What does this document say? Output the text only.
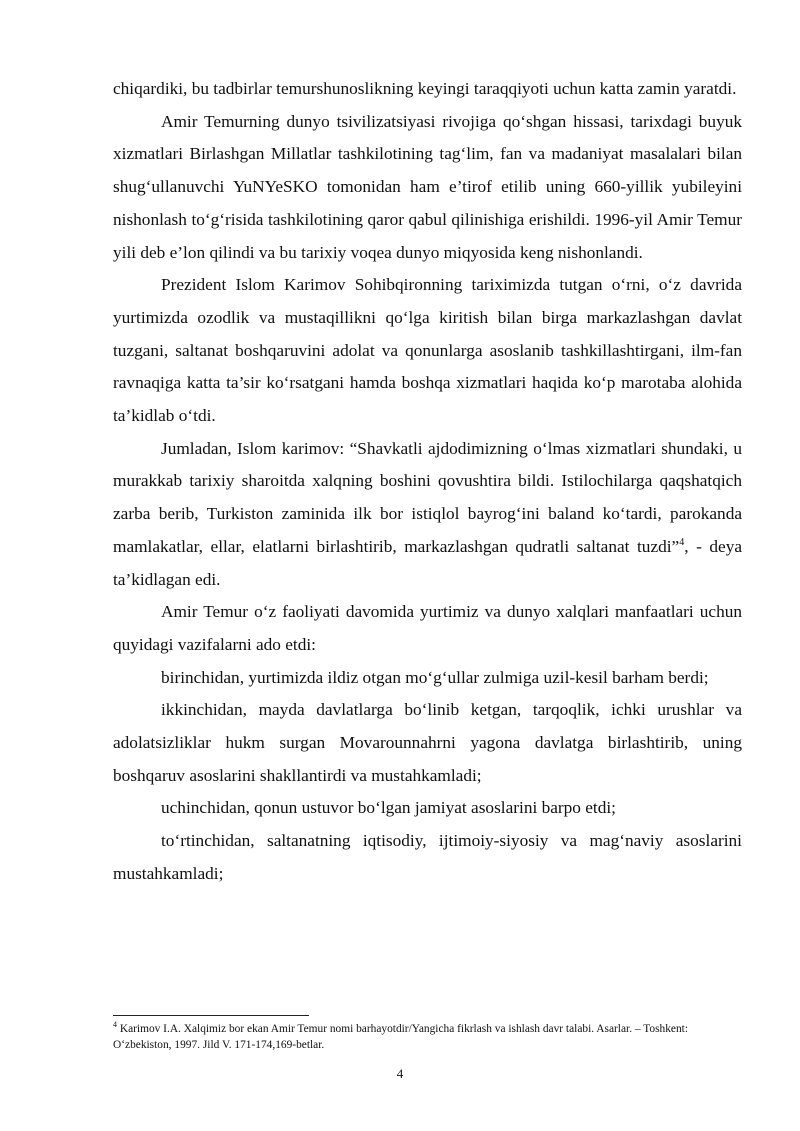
chiqardiki, bu tadbirlar temurshunoslikning keyingi taraqqiyoti uchun katta zamin yaratdi.

Amir Temurning dunyo tsivilizatsiyasi rivojiga qo‘shgan hissasi, tarixdagi buyuk xizmatlari Birlashgan Millatlar tashkilotining tag‘lim, fan va madaniyat masalalari bilan shug‘ullanuvchi YuNYeSKO tomonidan ham e’tirof etilib uning 660-yillik yubileyini nishonlash to‘g‘risida tashkilotining qaror qabul qilinishiga erishildi. 1996-yil Amir Temur yili deb e’lon qilindi va bu tarixiy voqea dunyo miqyosida keng nishonlandi.

Prezident Islom Karimov Sohibqironning tariximizda tutgan o‘rni, o‘z davrida yurtimizda ozodlik va mustaqillikni qo‘lga kiritish bilan birga markazlashgan davlat tuzgani, saltanat boshqaruvini adolat va qonunlarga asoslanib tashkillashtirgani, ilm-fan ravnaqiga katta ta’sir ko‘rsatgani hamda boshqa xizmatlari haqida ko‘p marotaba alohida ta’kidlab o‘tdi.

Jumladan, Islom karimov: “Shavkatli ajdodimizning o‘lmas xizmatlari shundaki, u murakkab tarixiy sharoitda xalqning boshini qovushtira bildi. Istilochilarga qaqshatqich zarba berib, Turkiston zaminida ilk bor istiqlol bayrog‘ini baland ko‘tardi, parokanda mamlakatlar, ellar, elatlarni birlashtirib, markazlashgan qudratli saltanat tuzdi”$^4$, - deya ta’kidlagan edi.

Amir Temur o‘z faoliyati davomida yurtimiz va dunyo xalqlari manfaatlari uchun quyidagi vazifalarni ado etdi:

birinchidan, yurtimizda ildiz otgan mo‘g‘ullar zulmiga uzil-kesil barham berdi;

ikkinchidan, mayda davlatlarga bo‘linib ketgan, tarqoqlik, ichki urushlar va adolatsizliklar hukm surgan Movarounnahrni yagona davlatga birlashtirib, uning boshqaruv asoslarini shakllantirdi va mustahkamladi;

uchinchidan, qonun ustuvor bo‘lgan jamiyat asoslarini barpo etdi;

to‘rtinchidan, saltanatning iqtisodiy, ijtimoiy-siyosiy va mag‘naviy asoslarini mustahkamladi;

$^4$ Karimov I.A. Xalqimiz bor ekan Amir Temur nomi barhayotdir/Yangicha fikrlash va ishlash davr talabi. Asarlar. – Toshkent: O‘zbekiston, 1997. Jild V. 171-174,169-betlar.
4
